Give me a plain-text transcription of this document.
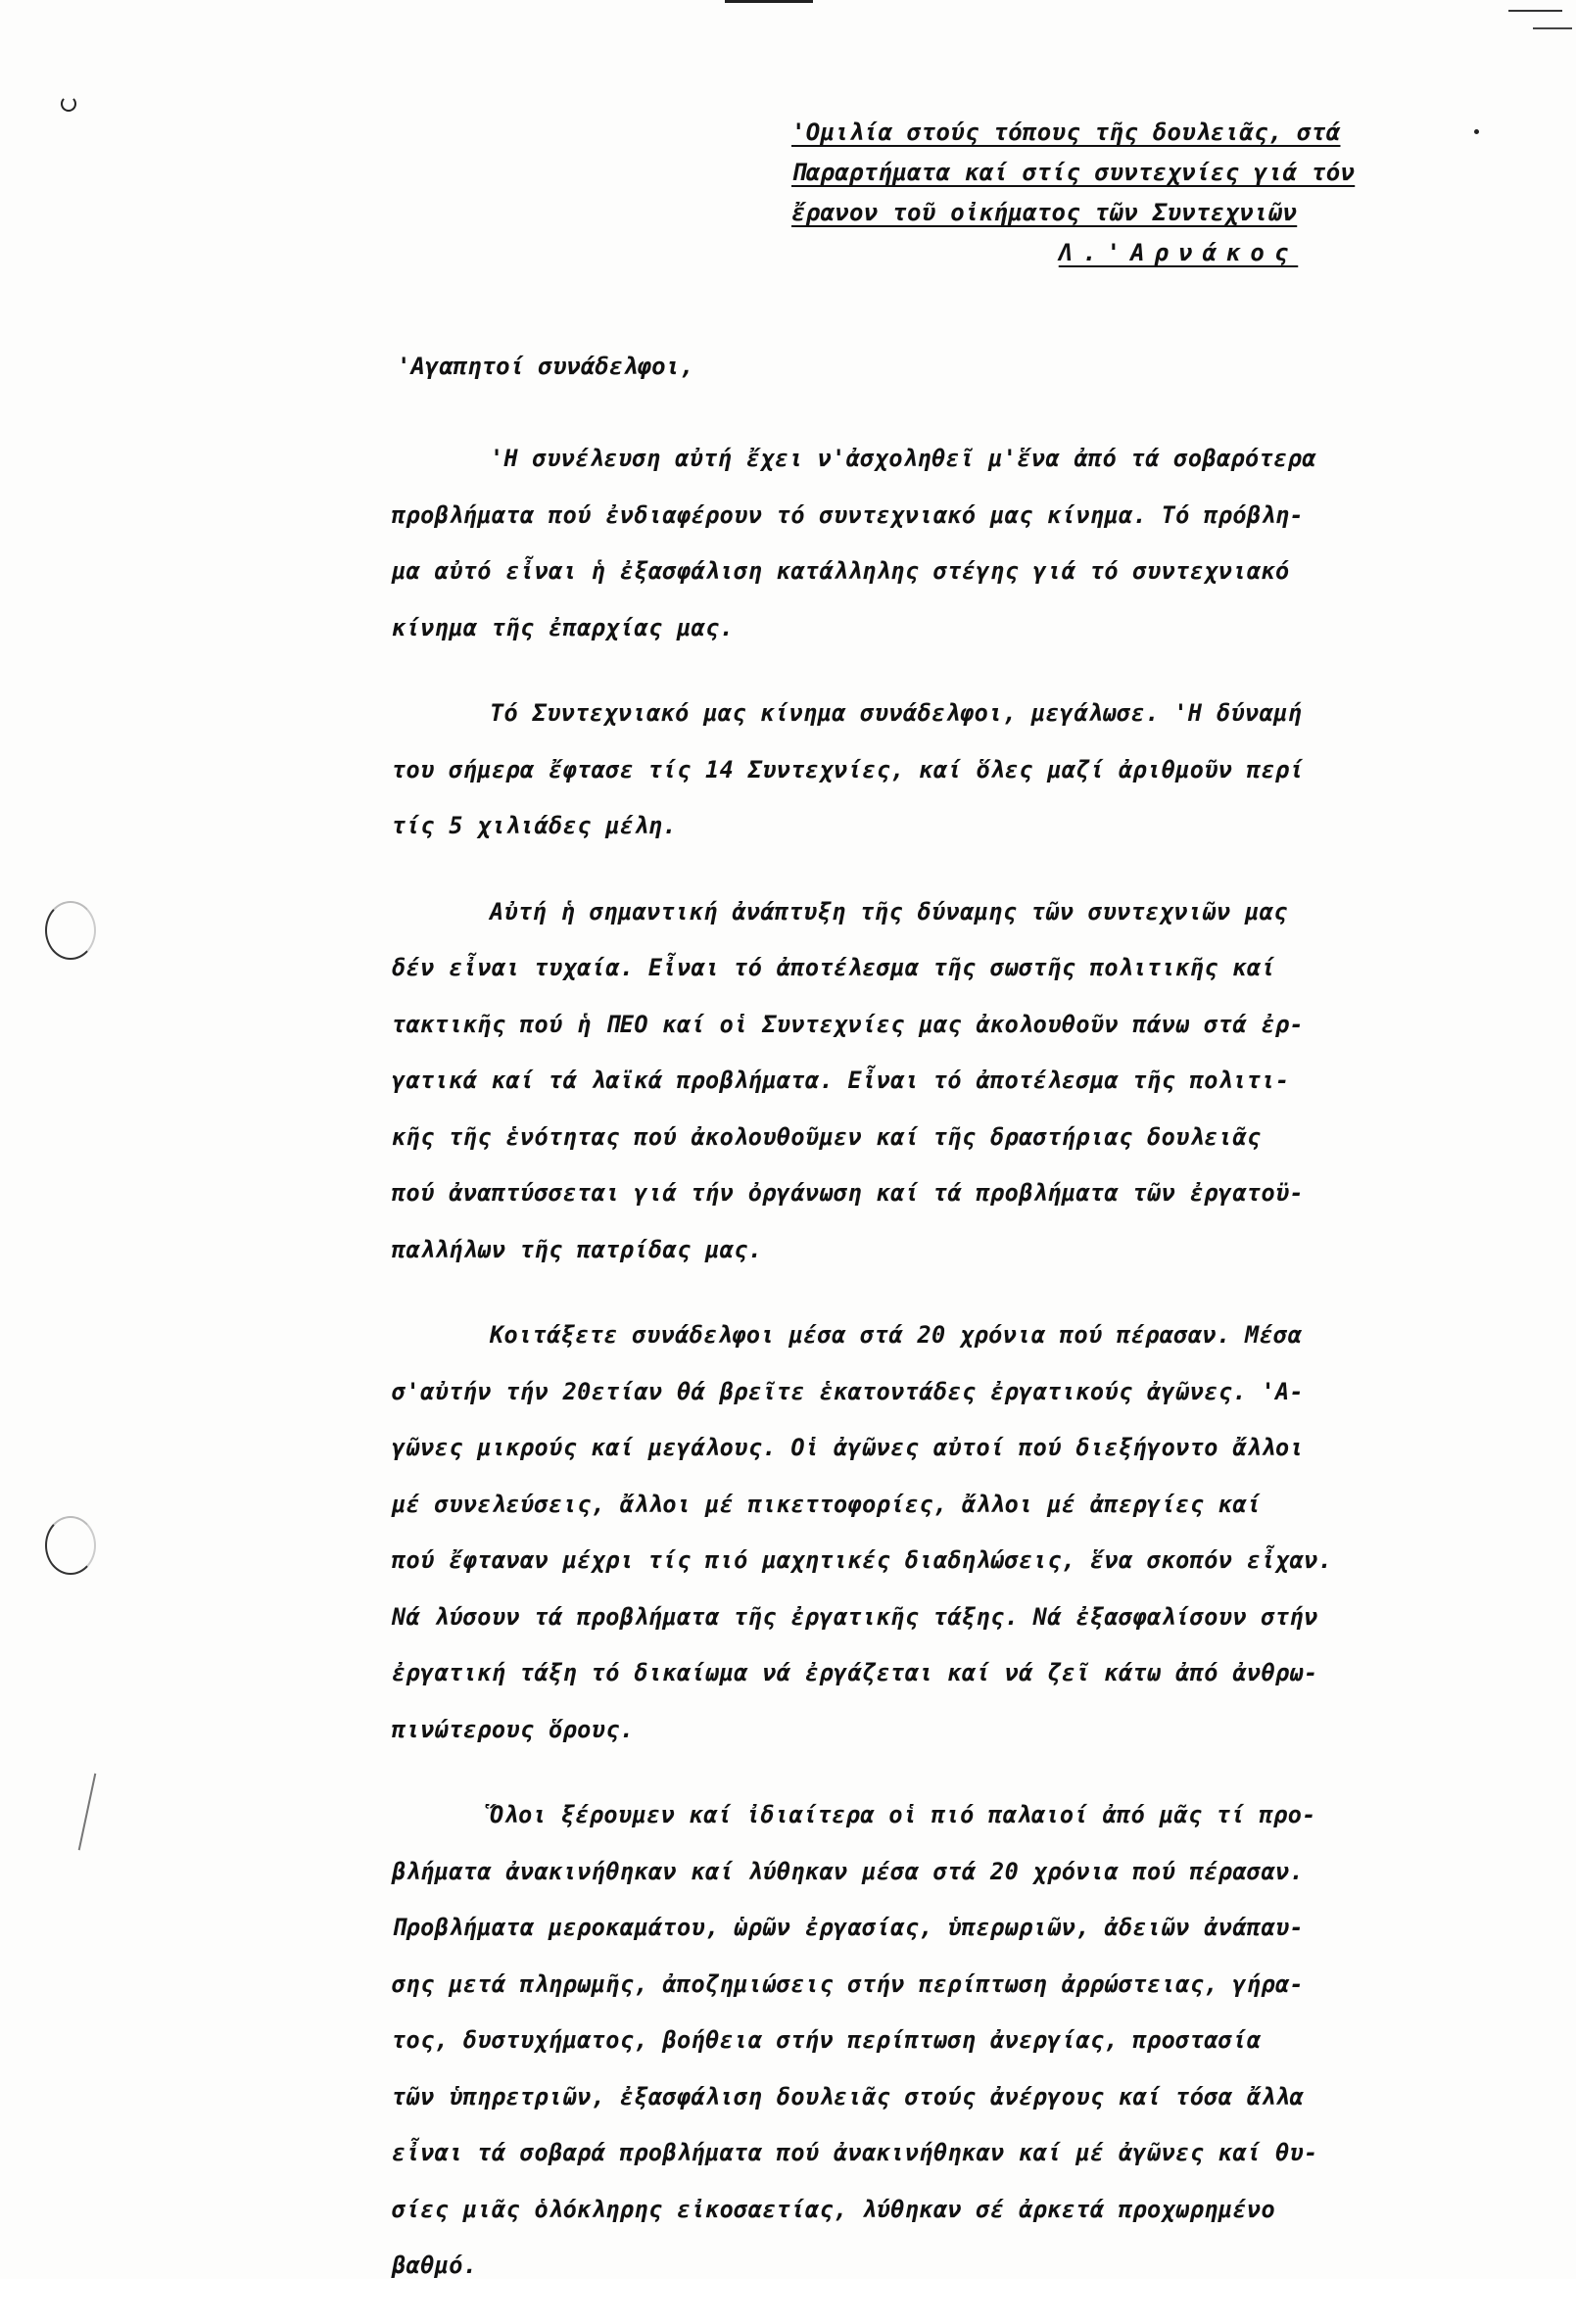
'Ομιλία στούς τόπους τῆς δουλειᾶς, στά
Παραρτήματα καί στίς συντεχνίες γιά τόν
ἔρανον τοῦ οἰκήματος τῶν Συντεχνιῶν
Λ.'Αρνάκος
'Αγαπητοί συνάδελφοι,
'Η συνέλευση αὐτή ἔχει ν'ἀσχοληθεῖ μ'ἕνα ἀπό τά σοβαρότερα
προβλήματα πού ἐνδιαφέρουν τό συντεχνιακό μας κίνημα. Τό πρόβλη-
μα αὐτό εἶναι ἡ ἐξασφάλιση κατάλληλης στέγης γιά τό συντεχνιακό
κίνημα τῆς ἐπαρχίας μας.
Τό Συντεχνιακό μας κίνημα συνάδελφοι, μεγάλωσε. 'Η δύναμή
του σήμερα ἔφτασε τίς 14 Συντεχνίες, καί ὅλες μαζί ἀριθμοῦν περί
τίς 5 χιλιάδες μέλη.
Αὐτή ἡ σημαντική ἀνάπτυξη τῆς δύναμης τῶν συντεχνιῶν μας
δέν εἶναι τυχαία. Εἶναι τό ἀποτέλεσμα τῆς σωστῆς πολιτικῆς καί
τακτικῆς πού ἡ ΠΕΟ καί οἱ Συντεχνίες μας ἀκολουθοῦν πάνω στά ἐρ-
γατικά καί τά λαϊκά προβλήματα. Εἶναι τό ἀποτέλεσμα τῆς πολιτι-
κῆς τῆς ἑνότητας πού ἀκολουθοῦμεν καί τῆς δραστήριας δουλειᾶς
πού ἀναπτύσσεται γιά τήν ὀργάνωση καί τά προβλήματα τῶν ἐργατοϋ-
παλλήλων τῆς πατρίδας μας.
Κοιτάξετε συνάδελφοι μέσα στά 20 χρόνια πού πέρασαν. Μέσα
σ'αὐτήν τήν 20ετίαν θά βρεῖτε ἑκατοντάδες ἐργατικούς ἀγῶνες. 'Α-
γῶνες μικρούς καί μεγάλους. Οἱ ἀγῶνες αὐτοί πού διεξήγοντο ἄλλοι
μέ συνελεύσεις, ἄλλοι μέ πικεττοφορίες, ἄλλοι μέ ἀπεργίες καί
πού ἔφταναν μέχρι τίς πιό μαχητικές διαδηλώσεις, ἕνα σκοπόν εἶχαν.
Νά λύσουν τά προβλήματα τῆς ἐργατικῆς τάξης. Νά ἐξασφαλίσουν στήν
ἐργατική τάξη τό δικαίωμα νά ἐργάζεται καί νά ζεῖ κάτω ἀπό ἀνθρω-
πινώτερους ὅρους.
Ὅλοι ξέρουμεν καί ἰδιαίτερα οἱ πιό παλαιοί ἀπό μᾶς τί προ-
βλήματα ἀνακινήθηκαν καί λύθηκαν μέσα στά 20 χρόνια πού πέρασαν.
Προβλήματα μεροκαμάτου, ὡρῶν ἐργασίας, ὑπερωριῶν, ἀδειῶν ἀνάπαυ-
σης μετά πληρωμῆς, ἀποζημιώσεις στήν περίπτωση ἀρρώστειας, γήρα-
τος, δυστυχήματος, βοήθεια στήν περίπτωση ἀνεργίας, προστασία
τῶν ὑπηρετριῶν, ἐξασφάλιση δουλειᾶς στούς ἀνέργους καί τόσα ἄλλα
εἶναι τά σοβαρά προβλήματα πού ἀνακινήθηκαν καί μέ ἀγῶνες καί θυ-
σίες μιᾶς ὁλόκληρης εἰκοσαετίας, λύθηκαν σέ ἀρκετά προχωρημένο
βαθμό.
